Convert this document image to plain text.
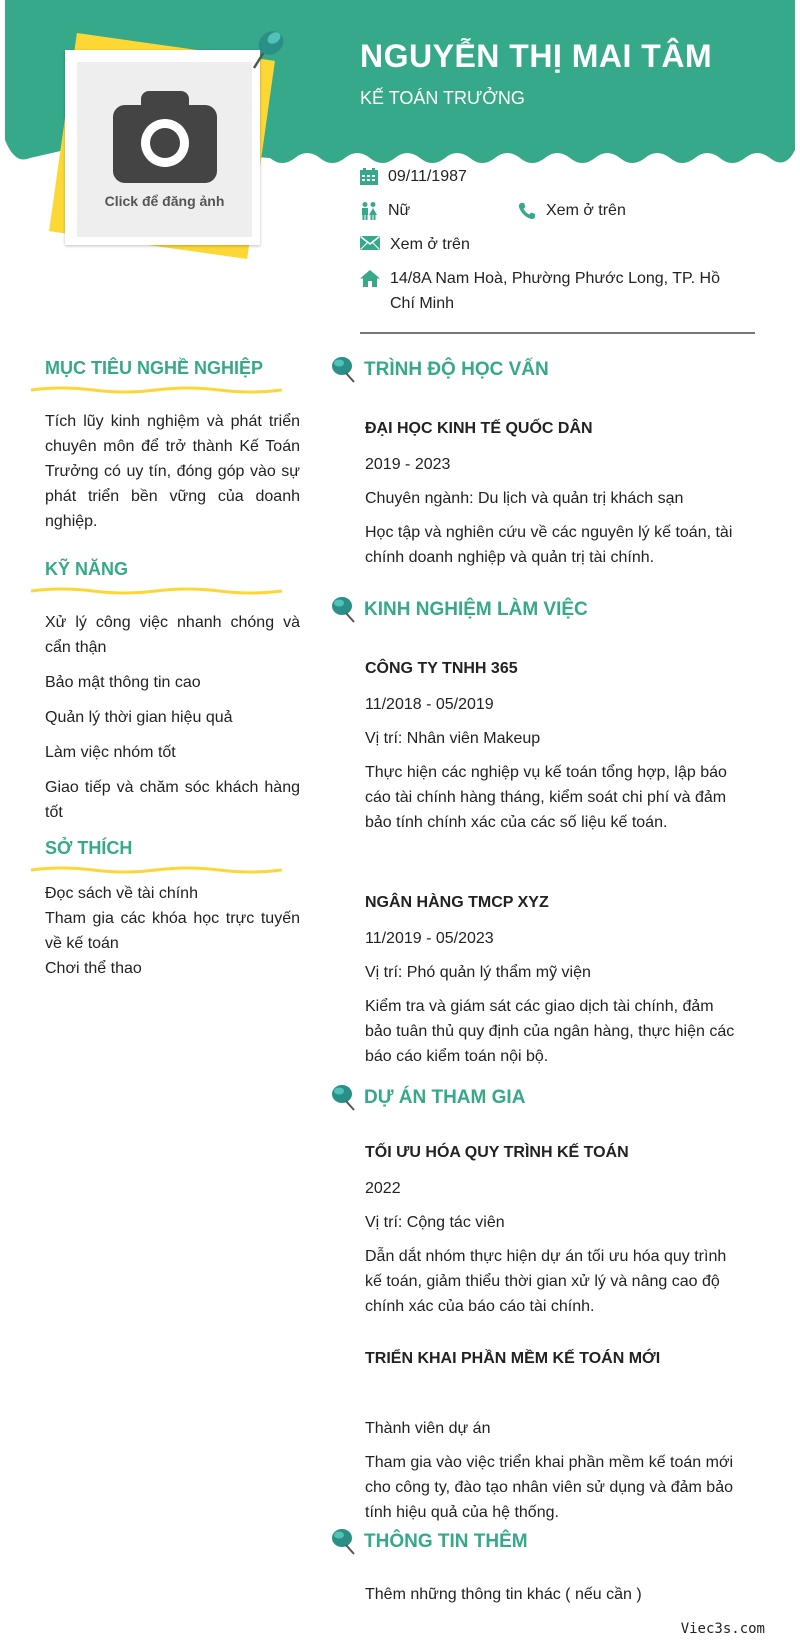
Click để đăng ảnh
NGUYỄN THỊ MAI TÂM
KẾ TOÁN TRƯỞNG
09/11/1987
Nữ	Xem ở trên
Xem ở trên
14/8A Nam Hoà, Phường Phước Long, TP. Hồ Chí Minh
MỤC TIÊU NGHỀ NGHIỆP

Tích lũy kinh nghiệm và phát triển chuyên môn để trở thành Kế Toán Trưởng có uy tín, đóng góp vào sự phát triển bền vững của doanh nghiệp.

KỸ NĂNG

Xử lý công việc nhanh chóng và cẩn thận

Bảo mật thông tin cao

Quản lý thời gian hiệu quả

Làm việc nhóm tốt

Giao tiếp và chăm sóc khách hàng tốt

SỞ THÍCH

Đọc sách về tài chính

Tham gia các khóa học trực tuyến về kế toán

Chơi thể thao

TRÌNH ĐỘ HỌC VẤN
ĐẠI HỌC KINH TẾ QUỐC DÂN
2019 - 2023
Chuyên ngành: Du lịch và quản trị khách sạn
Học tập và nghiên cứu về các nguyên lý kế toán, tài chính doanh nghiệp và quản trị tài chính.
KINH NGHIỆM LÀM VIỆC
CÔNG TY TNHH 365
11/2018 - 05/2019
Vị trí: Nhân viên Makeup
Thực hiện các nghiệp vụ kế toán tổng hợp, lập báo cáo tài chính hàng tháng, kiểm soát chi phí và đảm bảo tính chính xác của các số liệu kế toán.
NGÂN HÀNG TMCP XYZ
11/2019 - 05/2023
Vị trí: Phó quản lý thẩm mỹ viện
Kiểm tra và giám sát các giao dịch tài chính, đảm bảo tuân thủ quy định của ngân hàng, thực hiện các báo cáo kiểm toán nội bộ.
DỰ ÁN THAM GIA
TỐI ƯU HÓA QUY TRÌNH KẾ TOÁN
2022
Vị trí: Cộng tác viên
Dẫn dắt nhóm thực hiện dự án tối ưu hóa quy trình kế toán, giảm thiểu thời gian xử lý và nâng cao độ chính xác của báo cáo tài chính.
TRIỂN KHAI PHẦN MỀM KẾ TOÁN MỚI
Thành viên dự án
Tham gia vào việc triển khai phần mềm kế toán mới cho công ty, đào tạo nhân viên sử dụng và đảm bảo tính hiệu quả của hệ thống.
THÔNG TIN THÊM
Thêm những thông tin khác ( nếu cần )
Viec3s.com
